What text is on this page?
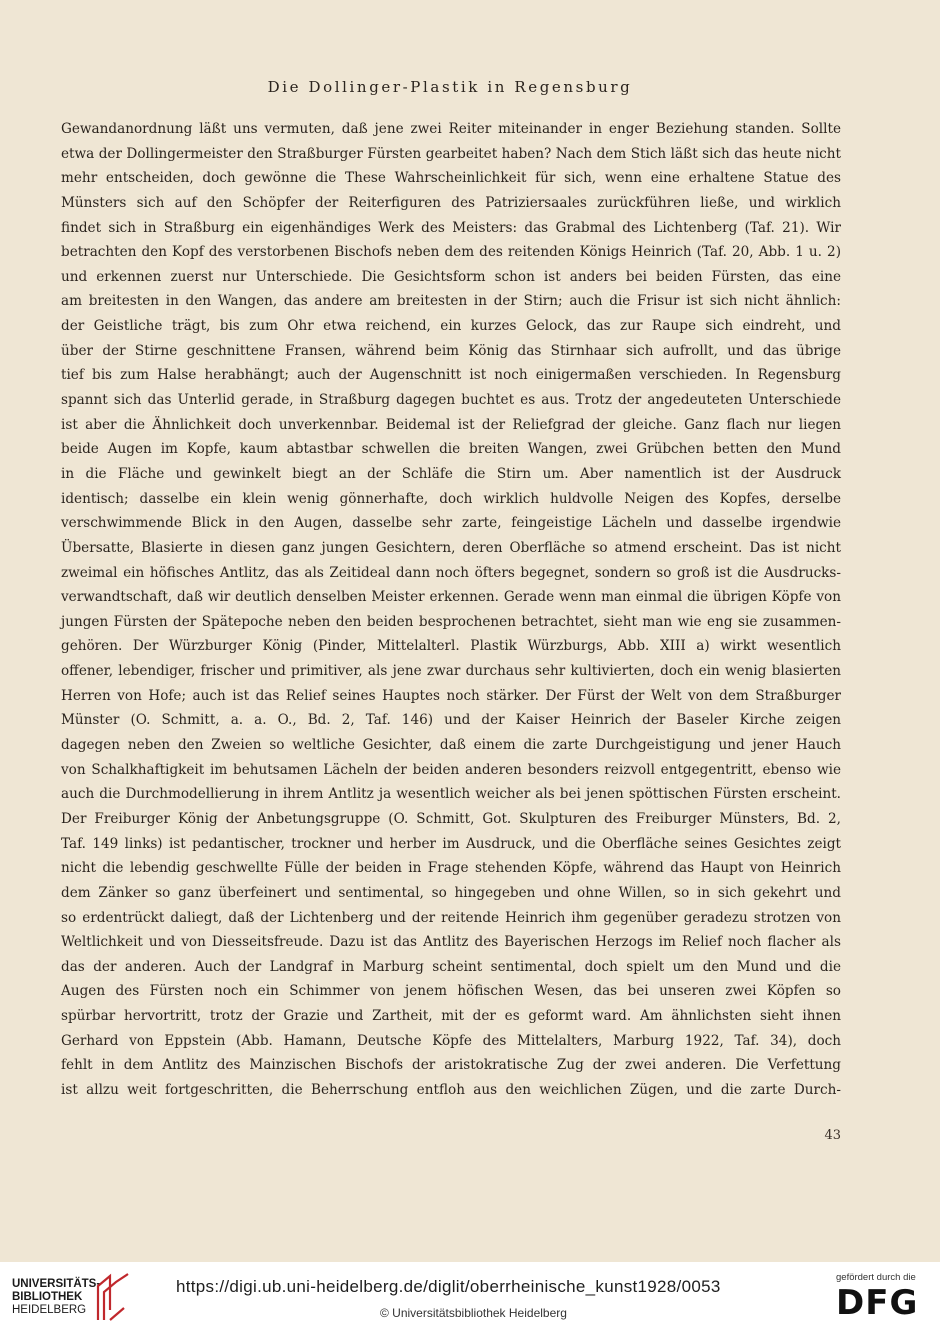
Die Dollinger-Plastik in Regensburg
Gewandanordnung läßt uns vermuten, daß jene zwei Reiter miteinander in enger Beziehung standen. Sollte
etwa der Dollingermeister den Straßburger Fürsten gearbeitet haben? Nach dem Stich läßt sich das heute nicht
mehr entscheiden, doch gewönne die These Wahrscheinlichkeit für sich, wenn eine erhaltene Statue des
Münsters sich auf den Schöpfer der Reiterfiguren des Patriziersaales zurückführen ließe, und wirklich
findet sich in Straßburg ein eigenhändiges Werk des Meisters: das Grabmal des Lichtenberg (Taf. 21). Wir
betrachten den Kopf des verstorbenen Bischofs neben dem des reitenden Königs Heinrich (Taf. 20, Abb. 1 u. 2)
und erkennen zuerst nur Unterschiede. Die Gesichtsform schon ist anders bei beiden Fürsten, das eine
am breitesten in den Wangen, das andere am breitesten in der Stirn; auch die Frisur ist sich nicht ähnlich:
der Geistliche trägt, bis zum Ohr etwa reichend, ein kurzes Gelock, das zur Raupe sich eindreht, und
über der Stirne geschnittene Fransen, während beim König das Stirnhaar sich aufrollt, und das übrige
tief bis zum Halse herabhängt; auch der Augenschnitt ist noch einigermaßen verschieden. In Regensburg
spannt sich das Unterlid gerade, in Straßburg dagegen buchtet es aus. Trotz der angedeuteten Unterschiede
ist aber die Ähnlichkeit doch unverkennbar. Beidemal ist der Reliefgrad der gleiche. Ganz flach nur liegen
beide Augen im Kopfe, kaum abtastbar schwellen die breiten Wangen, zwei Grübchen betten den Mund
in die Fläche und gewinkelt biegt an der Schläfe die Stirn um. Aber namentlich ist der Ausdruck
identisch; dasselbe ein klein wenig gönnerhafte, doch wirklich huldvolle Neigen des Kopfes, derselbe
verschwimmende Blick in den Augen, dasselbe sehr zarte, feingeistige Lächeln und dasselbe irgendwie
Übersatte, Blasierte in diesen ganz jungen Gesichtern, deren Oberfläche so atmend erscheint. Das ist nicht
zweimal ein höfisches Antlitz, das als Zeitideal dann noch öfters begegnet, sondern so groß ist die Ausdrucks-
verwandtschaft, daß wir deutlich denselben Meister erkennen. Gerade wenn man einmal die übrigen Köpfe von
jungen Fürsten der Spätepoche neben den beiden besprochenen betrachtet, sieht man wie eng sie zusammen-
gehören. Der Würzburger König (Pinder, Mittelalterl. Plastik Würzburgs, Abb. XIII a) wirkt wesentlich
offener, lebendiger, frischer und primitiver, als jene zwar durchaus sehr kultivierten, doch ein wenig blasierten
Herren von Hofe; auch ist das Relief seines Hauptes noch stärker. Der Fürst der Welt von dem Straßburger
Münster (O. Schmitt, a. a. O., Bd. 2, Taf. 146) und der Kaiser Heinrich der Baseler Kirche zeigen
dagegen neben den Zweien so weltliche Gesichter, daß einem die zarte Durchgeistigung und jener Hauch
von Schalkhaftigkeit im behutsamen Lächeln der beiden anderen besonders reizvoll entgegentritt, ebenso wie
auch die Durchmodellierung in ihrem Antlitz ja wesentlich weicher als bei jenen spöttischen Fürsten erscheint.
Der Freiburger König der Anbetungsgruppe (O. Schmitt, Got. Skulpturen des Freiburger Münsters, Bd. 2,
Taf. 149 links) ist pedantischer, trockner und herber im Ausdruck, und die Oberfläche seines Gesichtes zeigt
nicht die lebendig geschwellte Fülle der beiden in Frage stehenden Köpfe, während das Haupt von Heinrich
dem Zänker so ganz überfeinert und sentimental, so hingegeben und ohne Willen, so in sich gekehrt und
so erdentrückt daliegt, daß der Lichtenberg und der reitende Heinrich ihm gegenüber geradezu strotzen von
Weltlichkeit und von Diesseitsfreude. Dazu ist das Antlitz des Bayerischen Herzogs im Relief noch flacher als
das der anderen. Auch der Landgraf in Marburg scheint sentimental, doch spielt um den Mund und die
Augen des Fürsten noch ein Schimmer von jenem höfischen Wesen, das bei unseren zwei Köpfen so
spürbar hervortritt, trotz der Grazie und Zartheit, mit der es geformt ward. Am ähnlichsten sieht ihnen
Gerhard von Eppstein (Abb. Hamann, Deutsche Köpfe des Mittelalters, Marburg 1922, Taf. 34), doch
fehlt in dem Antlitz des Mainzischen Bischofs der aristokratische Zug der zwei anderen. Die Verfettung
ist allzu weit fortgeschritten, die Beherrschung entfloh aus den weichlichen Zügen, und die zarte Durch-
43
UNIVERSITÄTS-
BIBLIOTHEK
HEIDELBERG
https://digi.ub.uni-heidelberg.de/diglit/oberrheinische_kunst1928/0053
© Universitätsbibliothek Heidelberg
gefördert durch die
DFG
